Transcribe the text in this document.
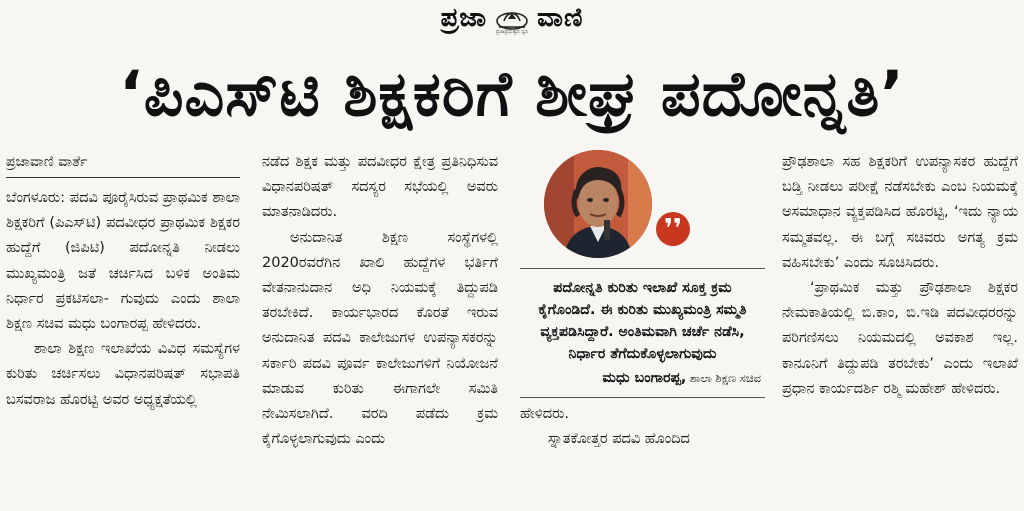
ಪ್ರಜಾ ವಾಣಿ
ಪ್ರಜಾಪ್ರಭುತ್ವದ ಧ್ವನಿ
‘ಪಿಎಸ್‌ಟಿ ಶಿಕ್ಷಕರಿಗೆ ಶೀಘ್ರ ಪದೋನ್ನತಿ’
ಪ್ರಜಾವಾಣಿ ವಾರ್ತೆ

ಬೆಂಗಳೂರು: ಪದವಿ ಪೂರೈಸಿರುವ ಪ್ರಾಥಮಿಕ ಶಾಲಾ ಶಿಕ್ಷಕರಿಗೆ (ಪಿಎಸ್‌ಟಿ) ಪದವೀಧರ ಪ್ರಾಥಮಿಕ ಶಿಕ್ಷಕರ ಹುದ್ದೆಗೆ (ಜಿಪಿಟಿ) ಪದೋನ್ನತಿ ನೀಡಲು ಮುಖ್ಯಮಂತ್ರಿ ಜತೆ ಚರ್ಚಿಸಿದ ಬಳಿಕ ಅಂತಿಮ ನಿರ್ಧಾರ ಪ್ರಕಟಿಸಲಾ- ಗುವುದು ಎಂದು ಶಾಲಾ ಶಿಕ್ಷಣ ಸಚಿವ ಮಧು ಬಂಗಾರಪ್ಪ ಹೇಳಿದರು.

ಶಾಲಾ ಶಿಕ್ಷಣ ಇಲಾಖೆಯ ವಿವಿಧ ಸಮಸ್ಯೆಗಳ ಕುರಿತು ಚರ್ಚಿಸಲು ವಿಧಾನಪರಿಷತ್ ಸಭಾಪತಿ ಬಸವರಾಜ ಹೊರಟ್ಟಿ ಅವರ ಅಧ್ಯಕ್ಷತೆಯಲ್ಲಿ

ನಡೆದ ಶಿಕ್ಷಕ ಮತ್ತು ಪದವೀಧರ ಕ್ಷೇತ್ರ ಪ್ರತಿನಿಧಿಸುವ ವಿಧಾನಪರಿಷತ್ ಸದಸ್ಯರ ಸಭೆಯಲ್ಲಿ ಅವರು ಮಾತನಾಡಿದರು.

ಅನುದಾನಿತ ಶಿಕ್ಷಣ ಸಂಸ್ಥೆಗಳಲ್ಲಿ 2020ರವರೆಗಿನ ಖಾಲಿ ಹುದ್ದೆಗಳ ಭರ್ತಿಗೆ ವೇತನಾನುದಾನ ಅಧಿ ನಿಯಮಕ್ಕೆ ತಿದ್ದುಪಡಿ ತರಬೇಕಿದೆ. ಕಾರ್ಯಭಾರದ ಕೊರತೆ ಇರುವ ಅನುದಾನಿತ ಪದವಿ ಕಾಲೇಜುಗಳ ಉಪನ್ಯಾಸಕರನ್ನು ಸರ್ಕಾರಿ ಪದವಿ ಪೂರ್ವ ಕಾಲೇಜುಗಳಿಗೆ ನಿಯೋಜನೆ ಮಾಡುವ ಕುರಿತು ಈಗಾಗಲೇ ಸಮಿತಿ ನೇಮಿಸಲಾಗಿದೆ. ವರದಿ ಪಡೆದು ಕ್ರಮ ಕೈಗೊಳ್ಳಲಾಗುವುದು ಎಂದು

❜❜
ಪದೋನ್ನತಿ ಕುರಿತು ಇಲಾಖೆ ಸೂಕ್ತ ಕ್ರಮ ಕೈಗೊಂಡಿದೆ. ಈ ಕುರಿತು ಮುಖ್ಯಮಂತ್ರಿ ಸಮ್ಮತಿ ವ್ಯಕ್ತಪಡಿಸಿದ್ದಾರೆ. ಅಂತಿಮವಾಗಿ ಚರ್ಚೆ ನಡೆಸಿ, ನಿರ್ಧಾರ ತೆಗೆದುಕೊಳ್ಳಲಾಗುವುದು
ಮಧು ಬಂಗಾರಪ್ಪ, ಶಾಲಾ ಶಿಕ್ಷಣ ಸಚಿವ

ಹೇಳಿದರು.

ಸ್ನಾತಕೋತ್ತರ ಪದವಿ ಹೊಂದಿದ

ಪ್ರೌಢಶಾಲಾ ಸಹ ಶಿಕ್ಷಕರಿಗೆ ಉಪನ್ಯಾಸಕರ ಹುದ್ದೆಗೆ ಬಡ್ತಿ ನೀಡಲು ಪರೀಕ್ಷೆ ನಡೆಸಬೇಕು ಎಂಬ ನಿಯಮಕ್ಕೆ ಅಸಮಾಧಾನ ವ್ಯಕ್ತಪಡಿಸಿದ ಹೊರಟ್ಟಿ, ‘ಇದು ನ್ಯಾಯ ಸಮ್ಮತವಲ್ಲ. ಈ ಬಗ್ಗೆ ಸಚಿವರು ಅಗತ್ಯ ಕ್ರಮ ವಹಿಸಬೇಕು’ ಎಂದು ಸೂಚಿಸಿದರು.

‘ಪ್ರಾಥಮಿಕ ಮತ್ತು ಪ್ರೌಢಶಾಲಾ ಶಿಕ್ಷಕರ ನೇಮಕಾತಿಯಲ್ಲಿ ಬಿ.ಕಾಂ, ಬಿ.ಇಡಿ ಪದವೀಧರರನ್ನು ಪರಿಗಣಿಸಲು ನಿಯಮದಲ್ಲಿ ಅವಕಾಶ ಇಲ್ಲ. ಕಾನೂನಿಗೆ ತಿದ್ದುಪಡಿ ತರಬೇಕು’ ಎಂದು ಇಲಾಖೆ ಪ್ರಧಾನ ಕಾರ್ಯದರ್ಶಿ ರಶ್ಮಿ ಮಹೇಶ್ ಹೇಳಿದರು.
